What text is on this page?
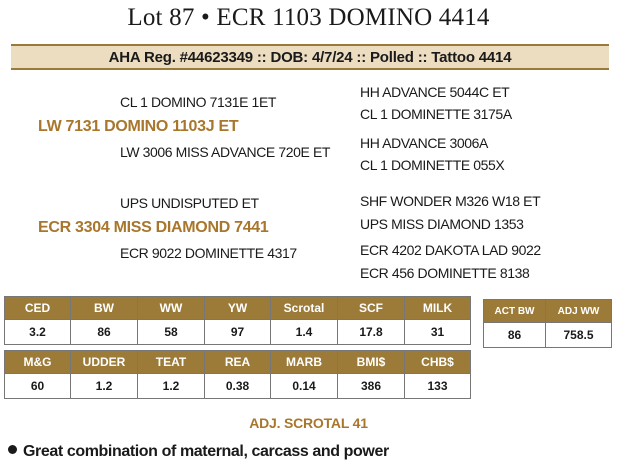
Lot 87 • ECR 1103 DOMINO 4414
AHA Reg. #44623349 :: DOB: 4/7/24 :: Polled :: Tattoo 4414
CL 1 DOMINO 7131E 1ET
LW 7131 DOMINO 1103J ET
LW 3006 MISS ADVANCE 720E ET
HH ADVANCE 5044C ET
CL 1 DOMINETTE 3175A
HH ADVANCE 3006A
CL 1 DOMINETTE 055X
UPS UNDISPUTED ET
ECR 3304 MISS DIAMOND 7441
ECR 9022 DOMINETTE 4317
SHF WONDER M326 W18 ET
UPS MISS DIAMOND 1353
ECR 4202 DAKOTA LAD 9022
ECR 456 DOMINETTE 8138
CED	BW	WW	YW	Scrotal	SCF	MILK
3.2	86	58	97	1.4	17.8	31
M&G	UDDER	TEAT	REA	MARB	BMI$	CHB$
60	1.2	1.2	0.38	0.14	386	133
ACT BW	ADJ WW
86	758.5
ADJ. SCROTAL 41
Great combination of maternal, carcass and power
